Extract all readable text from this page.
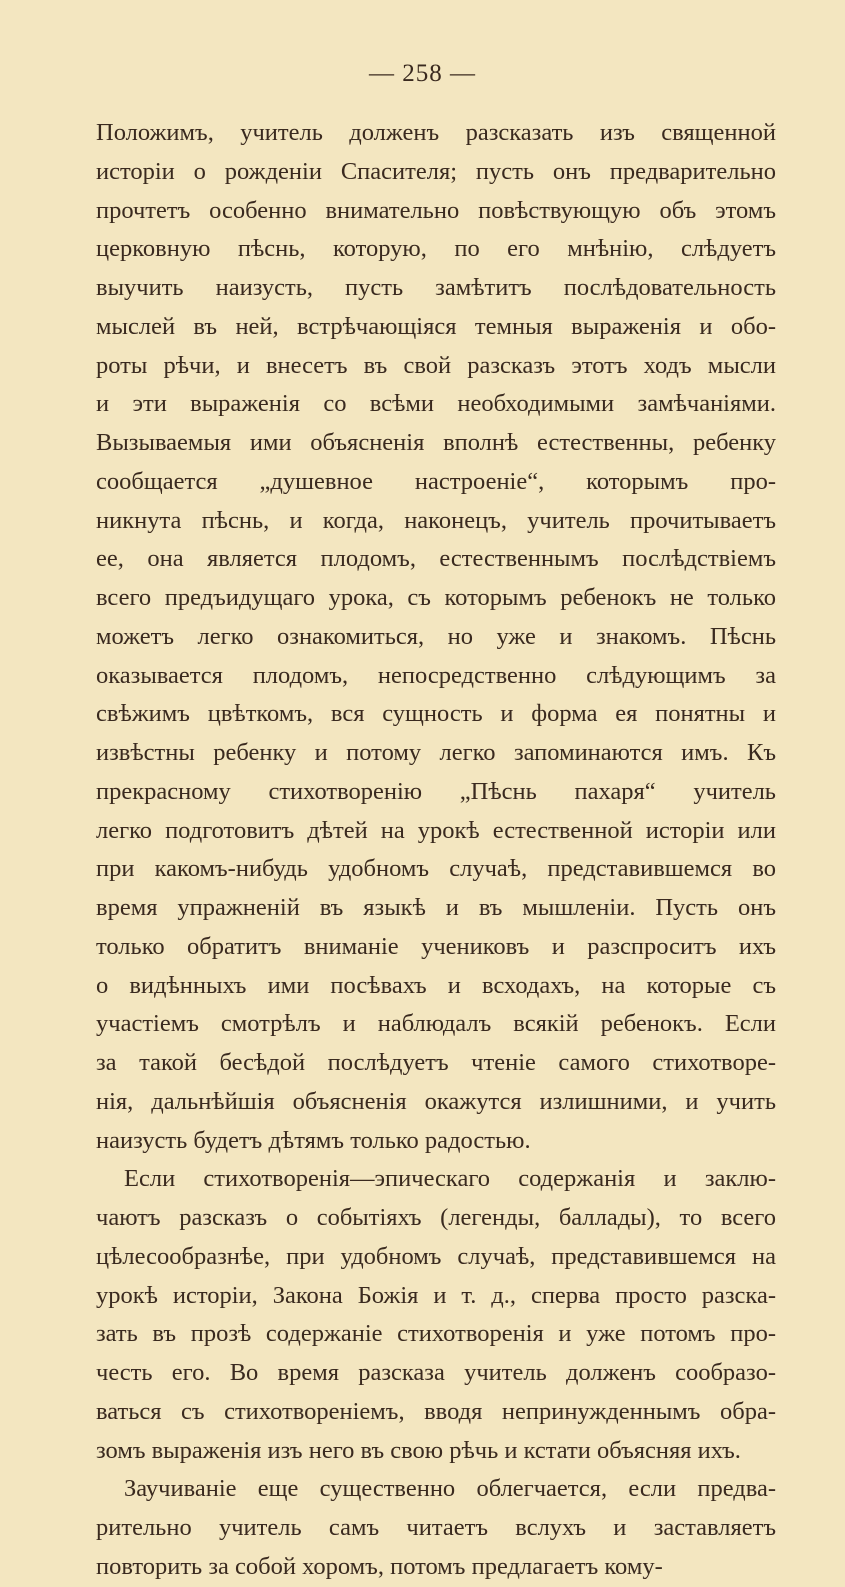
— 258 —
Положимъ, учитель долженъ разсказать изъ священной
исторiи о рожденiи Спасителя; пусть онъ предварительно
прочтетъ особенно внимательно повѣствующую объ этомъ
церковную пѣснь, которую, по его мнѣнiю, слѣдуетъ
выучить наизусть, пусть замѣтитъ послѣдовательность
мыслей въ ней, встрѣчающiяся темныя выраженiя и обо-
роты рѣчи, и внесетъ въ свой разсказъ этотъ ходъ мысли
и эти выраженiя со всѣми необходимыми замѣчанiями.
Вызываемыя ими объясненiя вполнѣ естественны, ребенку
сообщается „душевное настроенiе“, которымъ про-
никнута пѣснь, и когда, наконецъ, учитель прочитываетъ
ее, она является плодомъ, естественнымъ послѣдствiемъ
всего предъидущаго урока, съ которымъ ребенокъ не только
можетъ легко ознакомиться, но уже и знакомъ. Пѣснь
оказывается плодомъ, непосредственно слѣдующимъ за
свѣжимъ цвѣткомъ, вся сущность и форма ея понятны и
извѣстны ребенку и потому легко запоминаются имъ. Къ
прекрасному стихотворенiю „Пѣснь пахаря“ учитель
легко подготовитъ дѣтей на урокѣ естественной исторiи или
при какомъ-нибудь удобномъ случаѣ, представившемся во
время упражненiй въ языкѣ и въ мышленiи. Пусть онъ
только обратитъ вниманiе учениковъ и разспроситъ ихъ
о видѣнныхъ ими посѣвахъ и всходахъ, на которые съ
участiемъ смотрѣлъ и наблюдалъ всякiй ребенокъ. Если
за такой бесѣдой послѣдуетъ чтенiе самого стихотворе-
нiя, дальнѣйшiя объясненiя окажутся излишними, и учить
наизусть будетъ дѣтямъ только радостью.
Если стихотворенiя—эпическаго содержанiя и заклю-
чаютъ разсказъ о событiяхъ (легенды, баллады), то всего
цѣлесообразнѣе, при удобномъ случаѣ, представившемся на
урокѣ исторiи, Закона Божiя и т. д., сперва просто разска-
зать въ прозѣ содержанiе стихотворенiя и уже потомъ про-
честь его. Во время разсказа учитель долженъ сообразо-
ваться съ стихотворенiемъ, вводя непринужденнымъ обра-
зомъ выраженiя изъ него въ свою рѣчь и кстати объясняя ихъ.
Заучиванiе еще существенно облегчается, если предва-
рительно учитель самъ читаетъ вслухъ и заставляетъ
повторить за собой хоромъ, потомъ предлагаетъ кому-
